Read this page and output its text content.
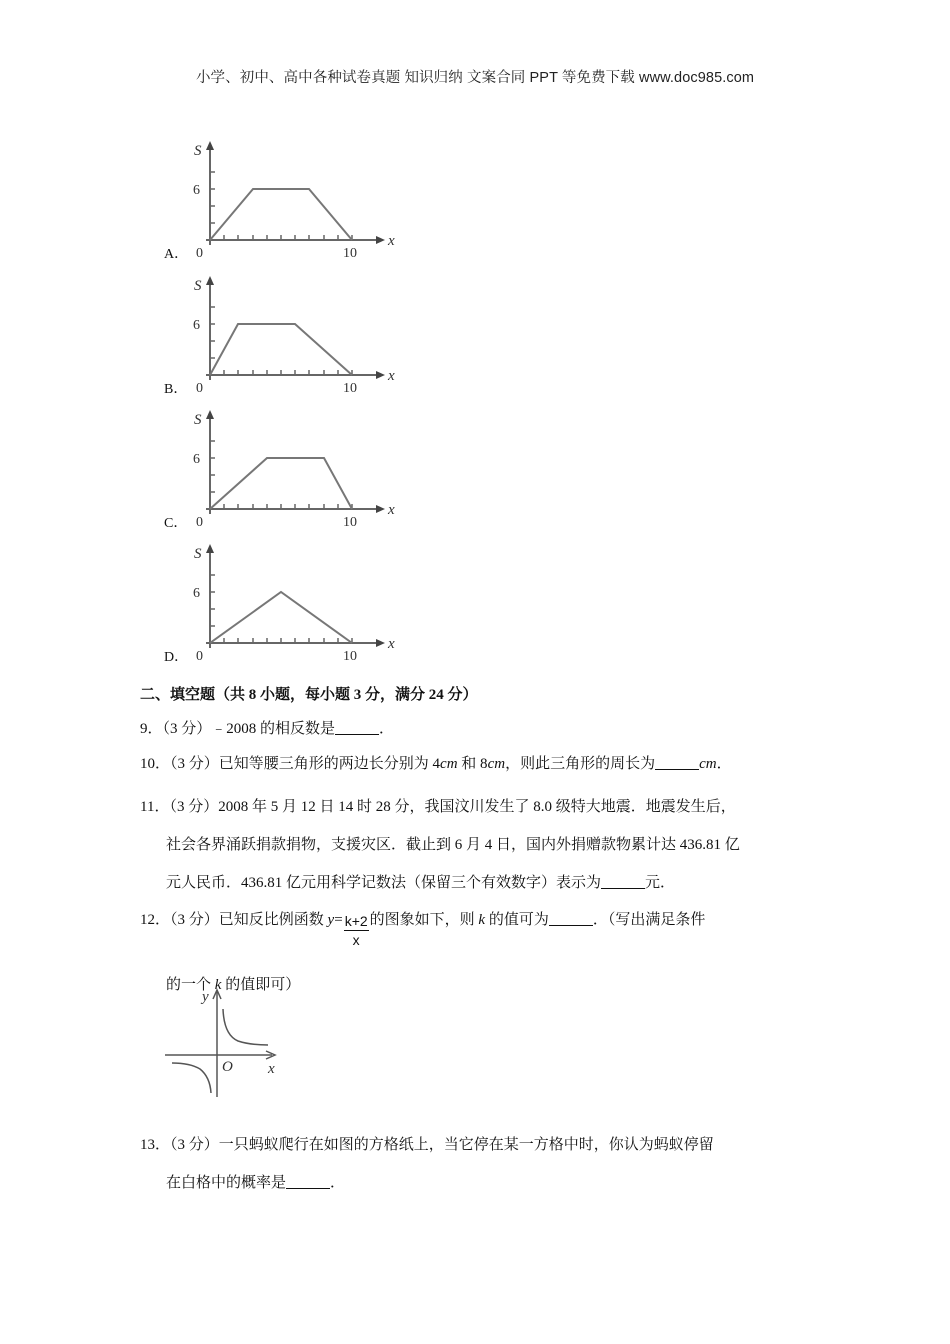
小学、初中、高中各种试卷真题 知识归纳 文案合同 PPT 等免费下载 www.doc985.com
A．
S
6
0	10
x
B．
S
6
0	10
x
C．
S
6
0	10
x
D．
S
6
0	10
x
二、填空题（共 8 小题，每小题 3 分，满分 24 分）
9．（3 分）﹣2008 的相反数是	．
10．（3 分）已知等腰三角形的两边长分别为 4cm 和 8cm，则此三角形的周长为	cm．
11．（3 分）2008 年 5 月 12 日 14 时 28 分，我国汶川发生了 8.0 级特大地震．地震发生后，
社会各界涌跃捐款捐物，支援灾区．截止到 6 月 4 日，国内外捐赠款物累计达 436.81 亿
元人民币．436.81 亿元用科学记数法（保留三个有效数字）表示为	元．
12．（3 分）已知反比例函数 $y= \frac{k+2}{x}$ 的图象如下，则 k 的值可为	．（写出满足条件
的一个 k 的值即可）
y
O x
13．（3 分）一只蚂蚁爬行在如图的方格纸上，当它停在某一方格中时，你认为蚂蚁停留
在白格中的概率是	．
